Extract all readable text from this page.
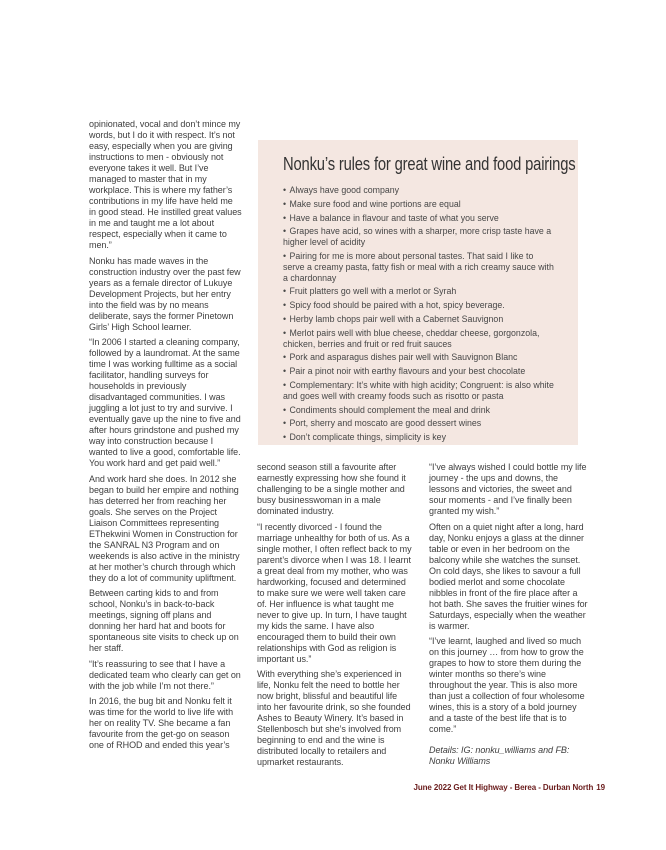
opinionated, vocal and don’t mince my words, but I do it with respect. It’s not easy, especially when you are giving instructions to men - obviously not everyone takes it well. But I’ve managed to master that in my workplace. This is where my father’s contributions in my life have held me in good stead. He instilled great values in me and taught me a lot about respect, especially when it came to men.”

Nonku has made waves in the construction industry over the past few years as a female director of Lukuye Development Projects, but her entry into the field was by no means deliberate, says the former Pinetown Girls’ High School learner.

“In 2006 I started a cleaning company, followed by a laundromat. At the same time I was working fulltime as a social facilitator, handling surveys for households in previously disadvantaged communities. I was juggling a lot just to try and survive. I eventually gave up the nine to five and after hours grindstone and pushed my way into construction because I wanted to live a good, comfortable life. You work hard and get paid well.”

And work hard she does. In 2012 she began to build her empire and nothing has deterred her from reaching her goals. She serves on the Project Liaison Committees representing EThekwini Women in Construction for the SANRAL N3 Program and on weekends is also active in the ministry at her mother’s church through which they do a lot of community upliftment.

Between carting kids to and from school, Nonku’s in back-to-back meetings, signing off plans and donning her hard hat and boots for spontaneous site visits to check up on her staff.

“It’s reassuring to see that I have a dedicated team who clearly can get on with the job while I’m not there.”

In 2016, the bug bit and Nonku felt it was time for the world to live life with her on reality TV. She became a fan favourite from the get-go on season one of RHOD and ended this year’s

Nonku’s rules for great wine and food pairings

• Always have good company

• Make sure food and wine portions are equal

• Have a balance in flavour and taste of what you serve

• Grapes have acid, so wines with a sharper, more crisp taste have a higher level of acidity

• Pairing for me is more about personal tastes. That said I like to serve a creamy pasta, fatty fish or meal with a rich creamy sauce with a chardonnay

• Fruit platters go well with a merlot or Syrah

• Spicy food should be paired with a hot, spicy beverage.

• Herby lamb chops pair well with a Cabernet Sauvignon

• Merlot pairs well with blue cheese, cheddar cheese, gorgonzola, chicken, berries and fruit or red fruit sauces

• Pork and asparagus dishes pair well with Sauvignon Blanc

• Pair a pinot noir with earthy flavours and your best chocolate

• Complementary: It’s white with high acidity; Congruent: is also white and goes well with creamy foods such as risotto or pasta

• Condiments should complement the meal and drink

• Port, sherry and moscato are good dessert wines

• Don’t complicate things, simplicity is key

second season still a favourite after earnestly expressing how she found it challenging to be a single mother and busy businesswoman in a male dominated industry.

“I recently divorced - I found the marriage unhealthy for both of us. As a single mother, I often reflect back to my parent’s divorce when I was 18. I learnt a great deal from my mother, who was hardworking, focused and determined to make sure we were well taken care of. Her influence is what taught me never to give up. In turn, I have taught my kids the same. I have also encouraged them to build their own relationships with God as religion is important us.”

With everything she’s experienced in life, Nonku felt the need to bottle her now bright, blissful and beautiful life into her favourite drink, so she founded Ashes to Beauty Winery. It’s based in Stellenbosch but she’s involved from beginning to end and the wine is distributed locally to retailers and upmarket restaurants.

“I’ve always wished I could bottle my life journey - the ups and downs, the lessons and victories, the sweet and sour moments - and I’ve finally been granted my wish.”

Often on a quiet night after a long, hard day, Nonku enjoys a glass at the dinner table or even in her bedroom on the balcony while she watches the sunset. On cold days, she likes to savour a full bodied merlot and some chocolate nibbles in front of the fire place after a hot bath. She saves the fruitier wines for Saturdays, especially when the weather is warmer.

“I’ve learnt, laughed and lived so much on this journey … from how to grow the grapes to how to store them during the winter months so there’s wine throughout the year. This is also more than just a collection of four wholesome wines, this is a story of a bold journey and a taste of the best life that is to come.”

Details: IG: nonku_williams and FB: Nonku Williams

June 2022 Get It Highway - Berea - Durban North 19
